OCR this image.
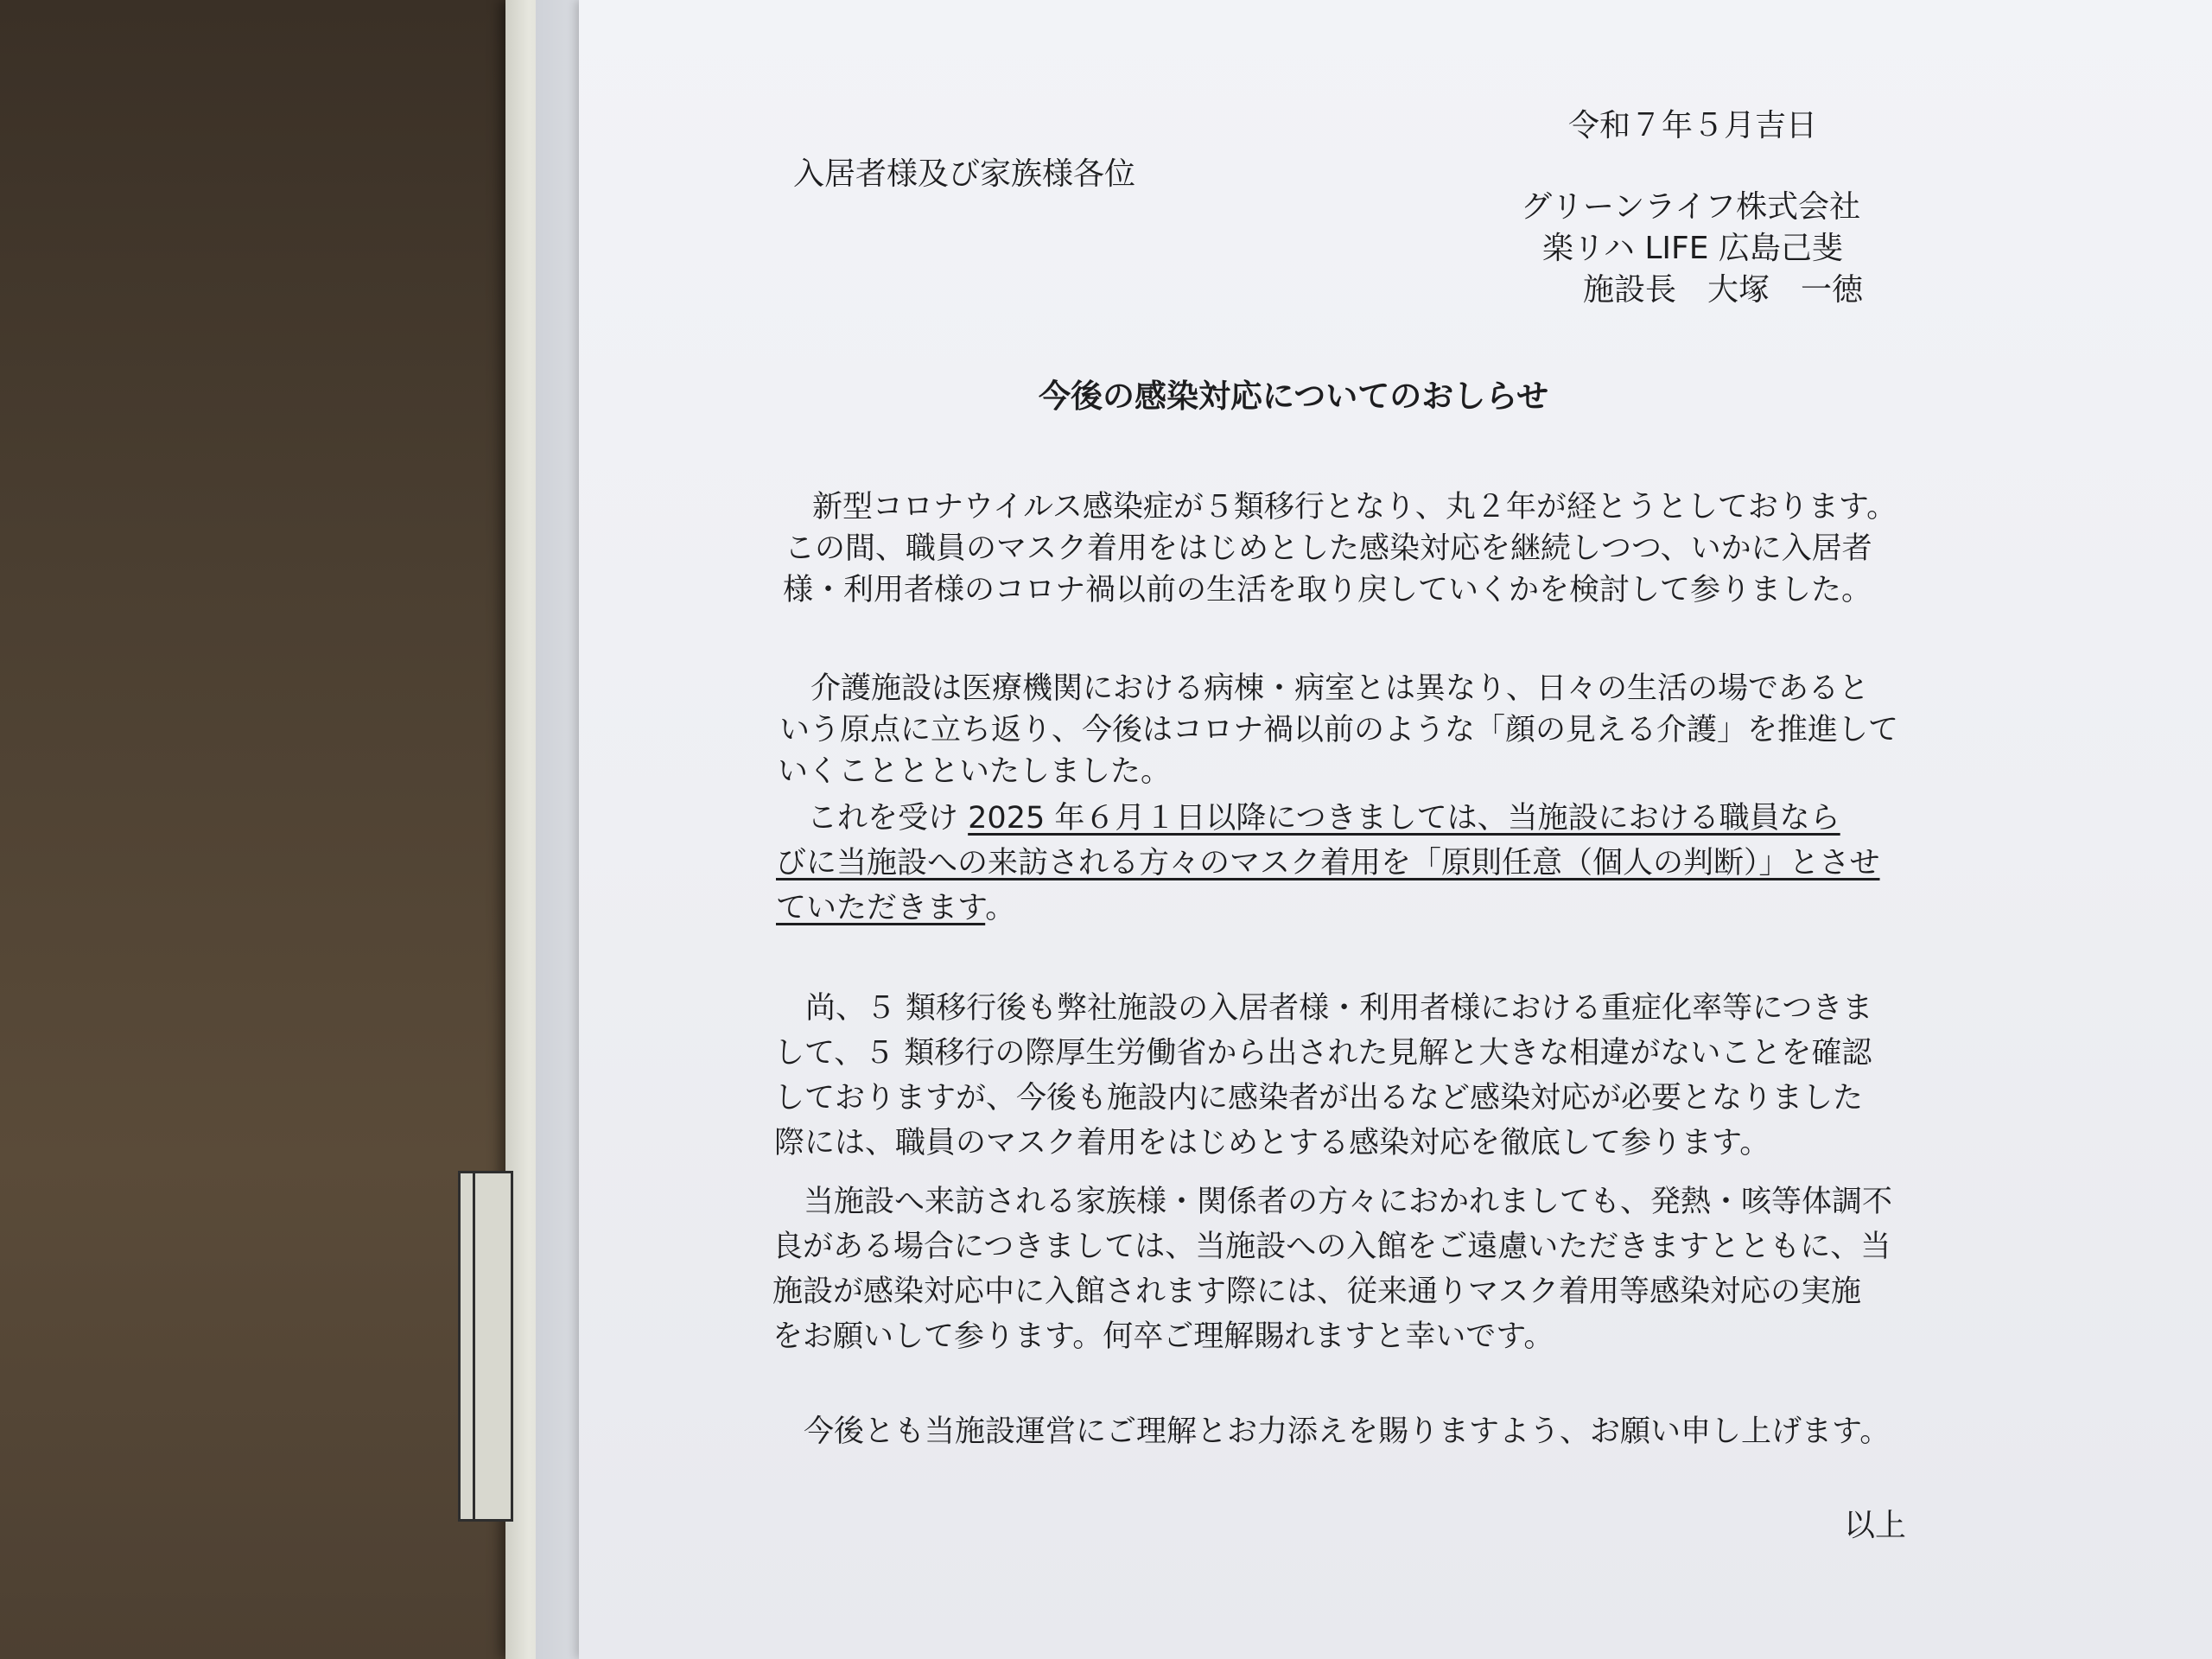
令和７年５月吉日
入居者様及び家族様各位
グリーンライフ株式会社
楽リハ LIFE 広島己斐
施設長　大塚　一徳
今後の感染対応についてのおしらせ
新型コロナウイルス感染症が５類移行となり、丸２年が経とうとしております。
この間、職員のマスク着用をはじめとした感染対応を継続しつつ、いかに入居者
様・利用者様のコロナ禍以前の生活を取り戻していくかを検討して参りました。
介護施設は医療機関における病棟・病室とは異なり、日々の生活の場であると
いう原点に立ち返り、今後はコロナ禍以前のような「顔の見える介護」を推進して
いくこととといたしました。
これを受け 2025 年６月１日以降につきましては、当施設における職員なら
びに当施設への来訪される方々のマスク着用を「原則任意（個人の判断）」とさせ
ていただきます。
尚、５ 類移行後も弊社施設の入居者様・利用者様における重症化率等につきま
して、５ 類移行の際厚生労働省から出された見解と大きな相違がないことを確認
しておりますが、今後も施設内に感染者が出るなど感染対応が必要となりました
際には、職員のマスク着用をはじめとする感染対応を徹底して参ります。
当施設へ来訪される家族様・関係者の方々におかれましても、発熱・咳等体調不
良がある場合につきましては、当施設への入館をご遠慮いただきますとともに、当
施設が感染対応中に入館されます際には、従来通りマスク着用等感染対応の実施
をお願いして参ります。何卒ご理解賜れますと幸いです。
今後とも当施設運営にご理解とお力添えを賜りますよう、お願い申し上げます。
以上
